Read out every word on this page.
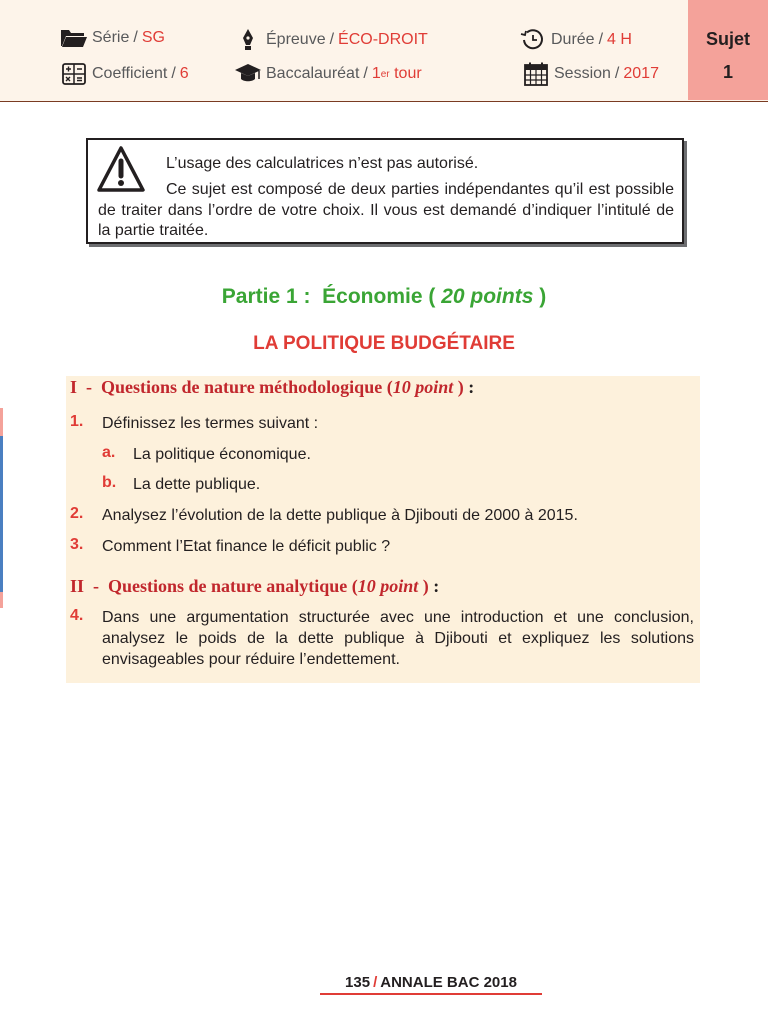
Série / SG
Coefficient / 6
Épreuve / ÉCO-DROIT
Baccalauréat / 1 er tour
Durée / 4 H
Session / 2017
Sujet
1

L’usage des calculatrices n’est pas autorisé.

Ce sujet est composé de deux parties indépendantes qu’il est possible de traiter dans l’ordre de votre choix. Il vous est demandé d’indiquer l’intitulé de la partie traitée.

Partie 1 :  Économie ( 20 points )
LA POLITIQUE BUDGÉTAIRE
I  -  Questions de nature méthodologique (10 point ) :
1. Définissez les termes suivant :
a. La politique économique.
b. La dette publique.
2. Analysez l’évolution de la dette publique à Djibouti de 2000 à 2015.
3. Comment l’Etat finance le déficit public ?
II  -  Questions de nature analytique (10 point ) :
4. Dans une argumentation structurée avec une introduction et une conclusion, analysez le poids de la dette publique à Djibouti et expliquez les solutions envisageables pour réduire l’endettement.
135 / ANNALE BAC 2018
